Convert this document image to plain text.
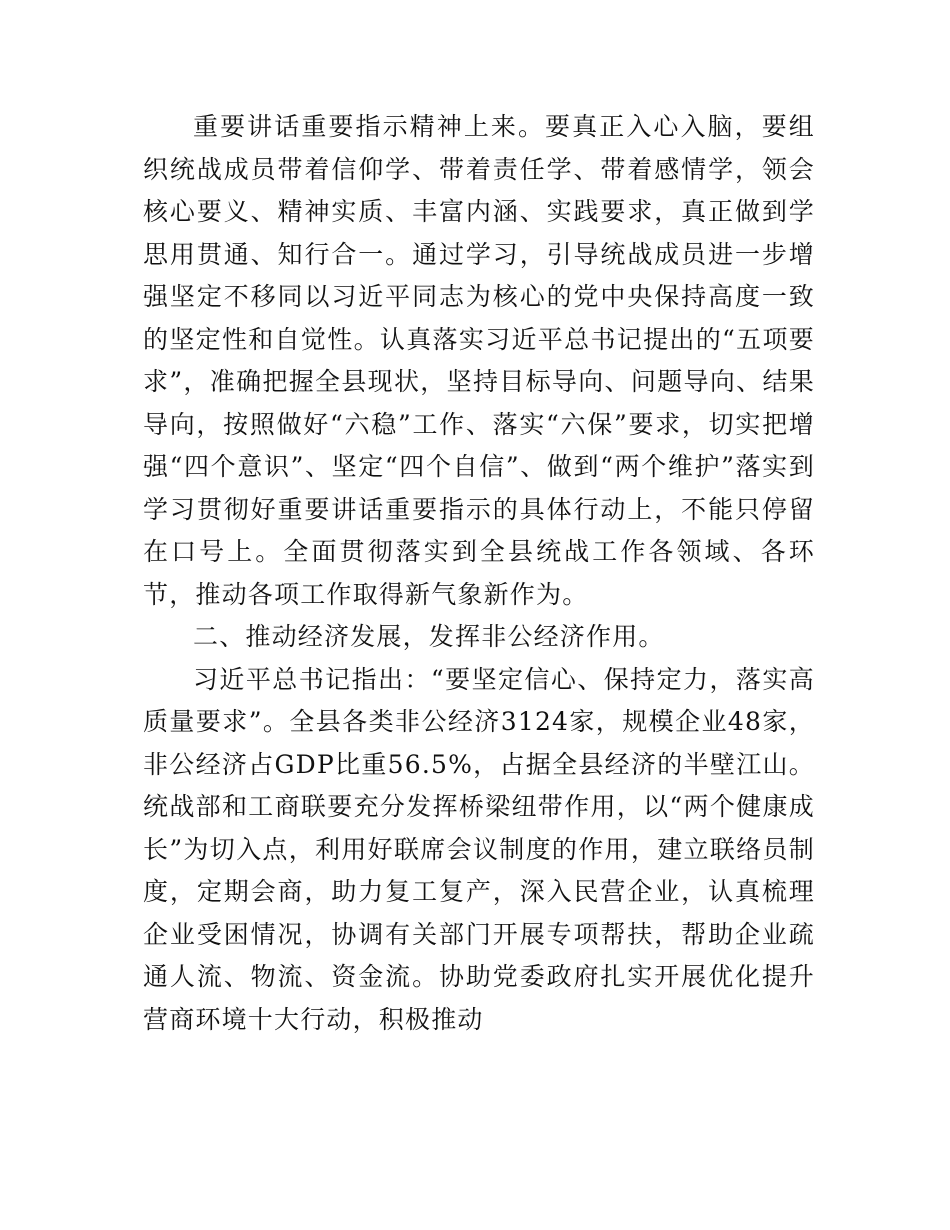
重要讲话重要指示精神上来。要真正入心入脑，要组织统战成员带着信仰学、带着责任学、带着感情学，领会核心要义、精神实质、丰富内涵、实践要求，真正做到学思用贯通、知行合一。通过学习，引导统战成员进一步增强坚定不移同以习近平同志为核心的党中央保持高度一致的坚定性和自觉性。认真落实习近平总书记提出的“五项要求”，准确把握全县现状，坚持目标导向、问题导向、结果导向，按照做好“六稳”工作、落实“六保”要求，切实把增强“四个意识”、坚定“四个自信”、做到“两个维护”落实到学习贯彻好重要讲话重要指示的具体行动上，不能只停留在口号上。全面贯彻落实到全县统战工作各领域、各环节，推动各项工作取得新气象新作为。

二、推动经济发展，发挥非公经济作用。

习近平总书记指出：“要坚定信心、保持定力，落实高质量要求”。全县各类非公经济3124家，规模企业48家，非公经济占GDP比重56.5%，占据全县经济的半壁江山。统战部和工商联要充分发挥桥梁纽带作用，以“两个健康成长”为切入点，利用好联席会议制度的作用，建立联络员制度，定期会商，助力复工复产，深入民营企业，认真梳理企业受困情况，协调有关部门开展专项帮扶，帮助企业疏通人流、物流、资金流。协助党委政府扎实开展优化提升营商环境十大行动，积极推动
